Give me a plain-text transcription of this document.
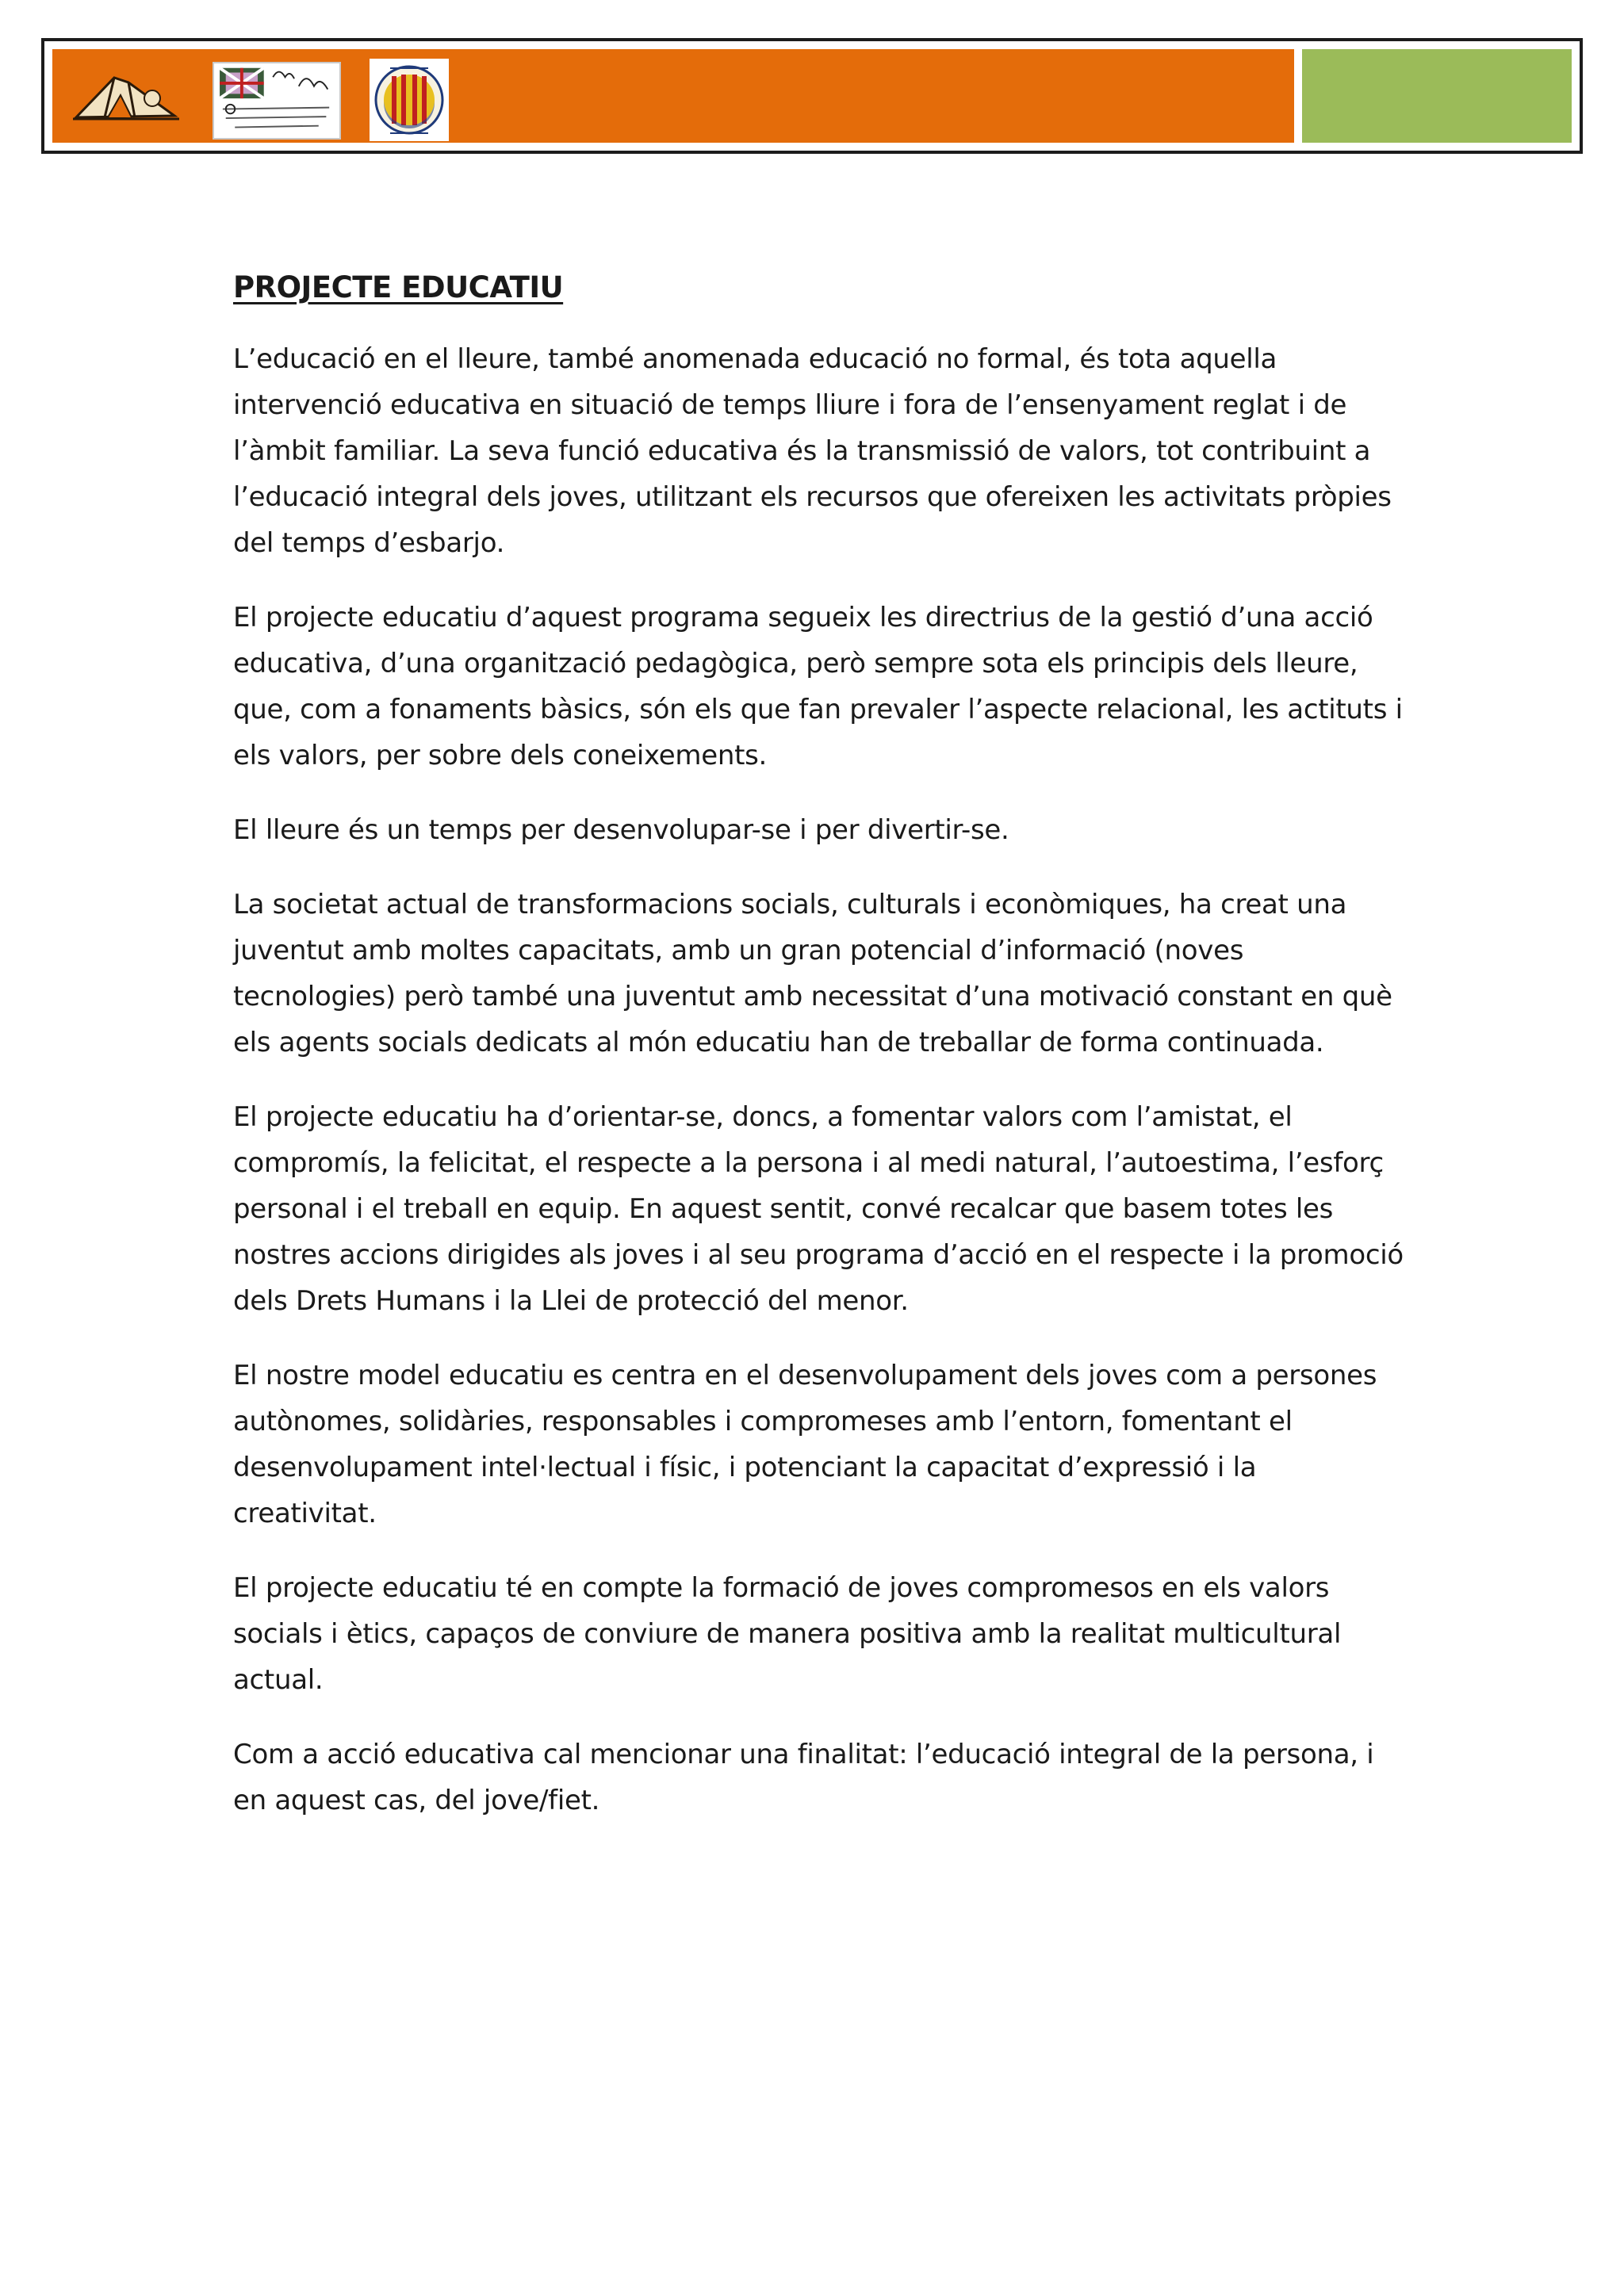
PROJECTE EDUCATIU

L’educació en el lleure, també anomenada educació no formal, és tota aquella intervenció educativa en situació de temps lliure i fora de l’ensenyament reglat i de l’àmbit familiar. La seva funció educativa és la transmissió de valors, tot contribuint a l’educació integral dels joves, utilitzant els recursos que ofereixen les activitats pròpies del temps d’esbarjo.

El projecte educatiu d’aquest programa segueix les directrius de la gestió d’una acció educativa, d’una organització pedagògica, però sempre sota els principis dels lleure, que, com a fonaments bàsics, són els que fan prevaler l’aspecte relacional, les actituts i els valors, per sobre dels coneixements.

El lleure és un temps per desenvolupar-se i per divertir-se.

La societat actual de transformacions socials, culturals i econòmiques, ha creat una juventut amb moltes capacitats, amb un gran potencial d’informació (noves tecnologies) però també una juventut amb necessitat d’una motivació constant en què els agents socials dedicats al món educatiu han de treballar de forma continuada.

El projecte educatiu ha d’orientar-se, doncs, a fomentar valors com l’amistat, el compromís, la felicitat, el respecte a la persona i al medi natural, l’autoestima, l’esforç personal i el treball en equip. En aquest sentit, convé recalcar que basem totes les nostres accions dirigides als joves i al seu programa d’acció en el respecte i la promoció dels Drets Humans i la Llei de protecció del menor.

El nostre model educatiu es centra en el desenvolupament dels joves com a persones autònomes, solidàries, responsables i compromeses amb l’entorn, fomentant el desenvolupament intel·lectual i físic, i potenciant la capacitat d’expressió i la creativitat.

El projecte educatiu té en compte la formació de joves compromesos en els valors socials i ètics, capaços de conviure de manera positiva amb la realitat multicultural actual.

Com a acció educativa cal mencionar una finalitat: l’educació integral de la persona, i en aquest cas, del jove/fiet.
